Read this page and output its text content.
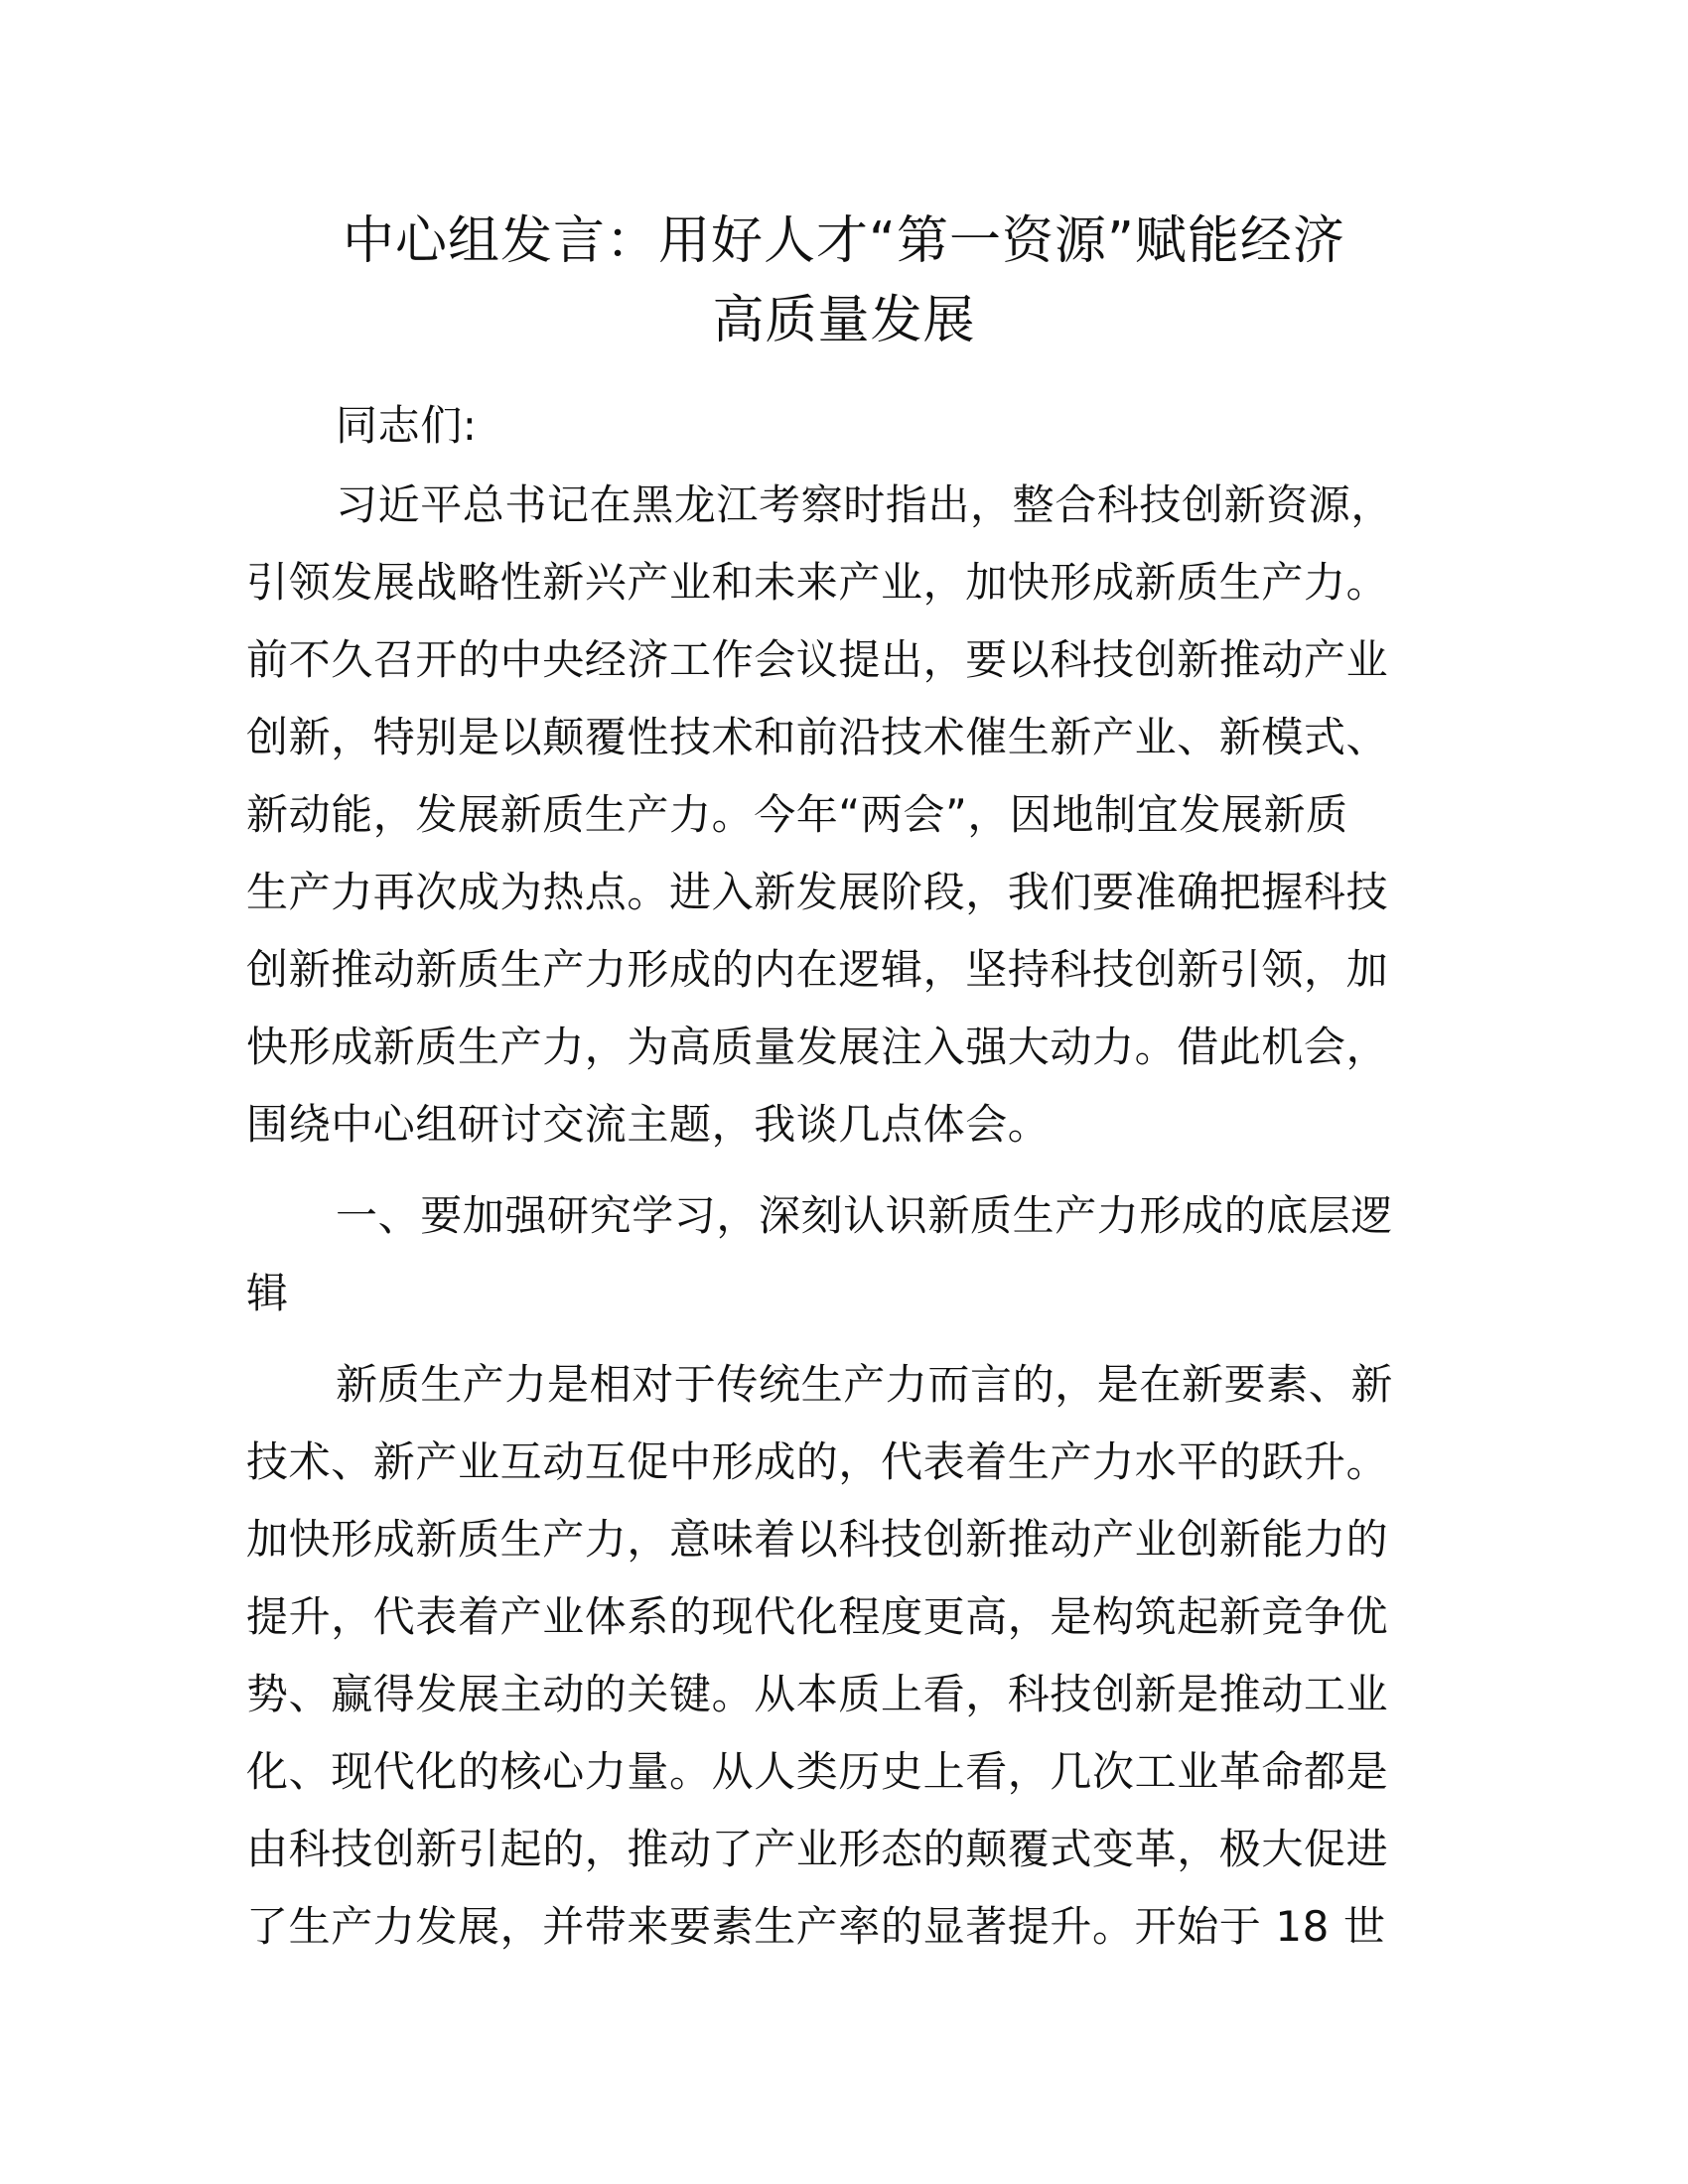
中心组发言：用好人才“第一资源”赋能经济
高质量发展
同志们:
习近平总书记在黑龙江考察时指出，整合科技创新资源，
引领发展战略性新兴产业和未来产业，加快形成新质生产力。
前不久召开的中央经济工作会议提出，要以科技创新推动产业
创新，特别是以颠覆性技术和前沿技术催生新产业、新模式、
新动能，发展新质生产力。今年“两会”，因地制宜发展新质
生产力再次成为热点。进入新发展阶段，我们要准确把握科技
创新推动新质生产力形成的内在逻辑，坚持科技创新引领，加
快形成新质生产力，为高质量发展注入强大动力。借此机会，
围绕中心组研讨交流主题，我谈几点体会。
一、要加强研究学习，深刻认识新质生产力形成的底层逻
辑
新质生产力是相对于传统生产力而言的，是在新要素、新
技术、新产业互动互促中形成的，代表着生产力水平的跃升。
加快形成新质生产力，意味着以科技创新推动产业创新能力的
提升，代表着产业体系的现代化程度更高，是构筑起新竞争优
势、赢得发展主动的关键。从本质上看，科技创新是推动工业
化、现代化的核心力量。从人类历史上看，几次工业革命都是
由科技创新引起的，推动了产业形态的颠覆式变革，极大促进
了生产力发展，并带来要素生产率的显著提升。开始于 18 世
